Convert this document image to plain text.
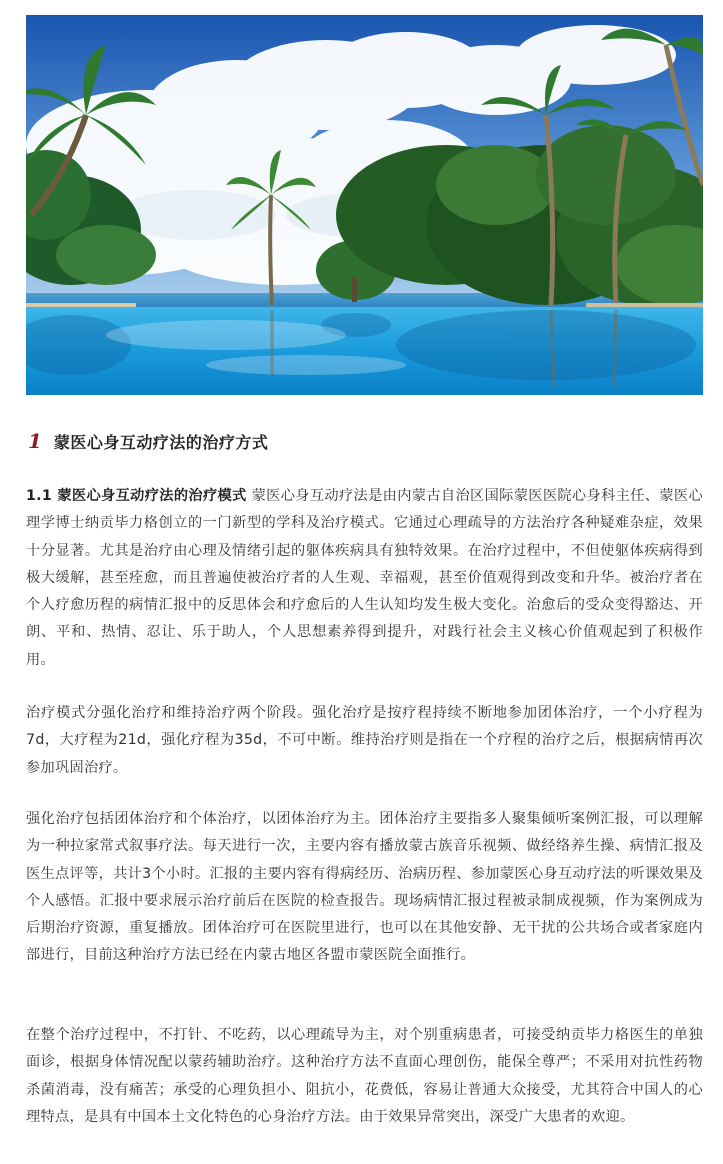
1 蒙医心身互动疗法的治疗方式
1.1 蒙医心身互动疗法的治疗模式 蒙医心身互动疗法是由内蒙古自治区国际蒙医医院心身科主任、蒙医心理学博士纳贡毕力格创立的一门新型的学科及治疗模式。它通过心理疏导的方法治疗各种疑难杂症，效果十分显著。尤其是治疗由心理及情绪引起的躯体疾病具有独特效果。在治疗过程中，不但使躯体疾病得到极大缓解，甚至痊愈，而且普遍使被治疗者的人生观、幸福观，甚至价值观得到改变和升华。被治疗者在个人疗愈历程的病情汇报中的反思体会和疗愈后的人生认知均发生极大变化。治愈后的受众变得豁达、开朗、平和、热情、忍让、乐于助人，个人思想素养得到提升，对践行社会主义核心价值观起到了积极作用。
治疗模式分强化治疗和维持治疗两个阶段。强化治疗是按疗程持续不断地参加团体治疗，一个小疗程为7d，大疗程为21d，强化疗程为35d，不可中断。维持治疗则是指在一个疗程的治疗之后，根据病情再次参加巩固治疗。
强化治疗包括团体治疗和个体治疗，以团体治疗为主。团体治疗主要指多人聚集倾听案例汇报，可以理解为一种拉家常式叙事疗法。每天进行一次，主要内容有播放蒙古族音乐视频、做经络养生操、病情汇报及医生点评等，共计3个小时。汇报的主要内容有得病经历、治病历程、参加蒙医心身互动疗法的听课效果及个人感悟。汇报中要求展示治疗前后在医院的检查报告。现场病情汇报过程被录制成视频，作为案例成为后期治疗资源，重复播放。团体治疗可在医院里进行，也可以在其他安静、无干扰的公共场合或者家庭内部进行，目前这种治疗方法已经在内蒙古地区各盟市蒙医院全面推行。
在整个治疗过程中，不打针、不吃药，以心理疏导为主，对个别重病患者，可接受纳贡毕力格医生的单独面诊，根据身体情况配以蒙药辅助治疗。这种治疗方法不直面心理创伤，能保全尊严；不采用对抗性药物杀菌消毒，没有痛苦；承受的心理负担小、阻抗小，花费低，容易让普通大众接受，尤其符合中国人的心理特点，是具有中国本土文化特色的心身治疗方法。由于效果异常突出，深受广大患者的欢迎。
